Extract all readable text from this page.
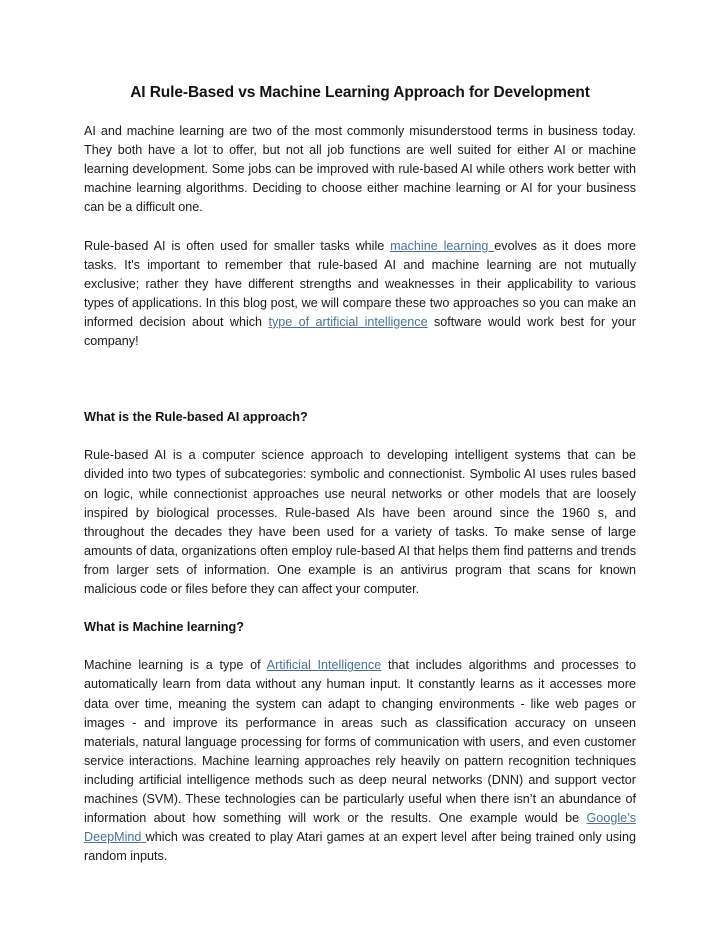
AI Rule-Based vs Machine Learning Approach for Development

AI and machine learning are two of the most commonly misunderstood terms in business today. They both have a lot to offer, but not all job functions are well suited for either AI or machine learning development. Some jobs can be improved with rule-based AI while others work better with machine learning algorithms. Deciding to choose either machine learning or AI for your business can be a difficult one.

Rule-based AI is often used for smaller tasks while machine learning evolves as it does more tasks. It's important to remember that rule-based AI and machine learning are not mutually exclusive; rather they have different strengths and weaknesses in their applicability to various types of applications. In this blog post, we will compare these two approaches so you can make an informed decision about which type of artificial intelligence software would work best for your company!

What is the Rule-based AI approach?

Rule-based AI is a computer science approach to developing intelligent systems that can be divided into two types of subcategories: symbolic and connectionist. Symbolic AI uses rules based on logic, while connectionist approaches use neural networks or other models that are loosely inspired by biological processes. Rule-based AIs have been around since the 1960 s, and throughout the decades they have been used for a variety of tasks. To make sense of large amounts of data, organizations often employ rule-based AI that helps them find patterns and trends from larger sets of information. One example is an antivirus program that scans for known malicious code or files before they can affect your computer.

What is Machine learning?

Machine learning is a type of Artificial Intelligence that includes algorithms and processes to automatically learn from data without any human input. It constantly learns as it accesses more data over time, meaning the system can adapt to changing environments - like web pages or images - and improve its performance in areas such as classification accuracy on unseen materials, natural language processing for forms of communication with users, and even customer service interactions. Machine learning approaches rely heavily on pattern recognition techniques including artificial intelligence methods such as deep neural networks (DNN) and support vector machines (SVM). These technologies can be particularly useful when there isn’t an abundance of information about how something will work or the results. One example would be Google’s DeepMind which was created to play Atari games at an expert level after being trained only using random inputs.
